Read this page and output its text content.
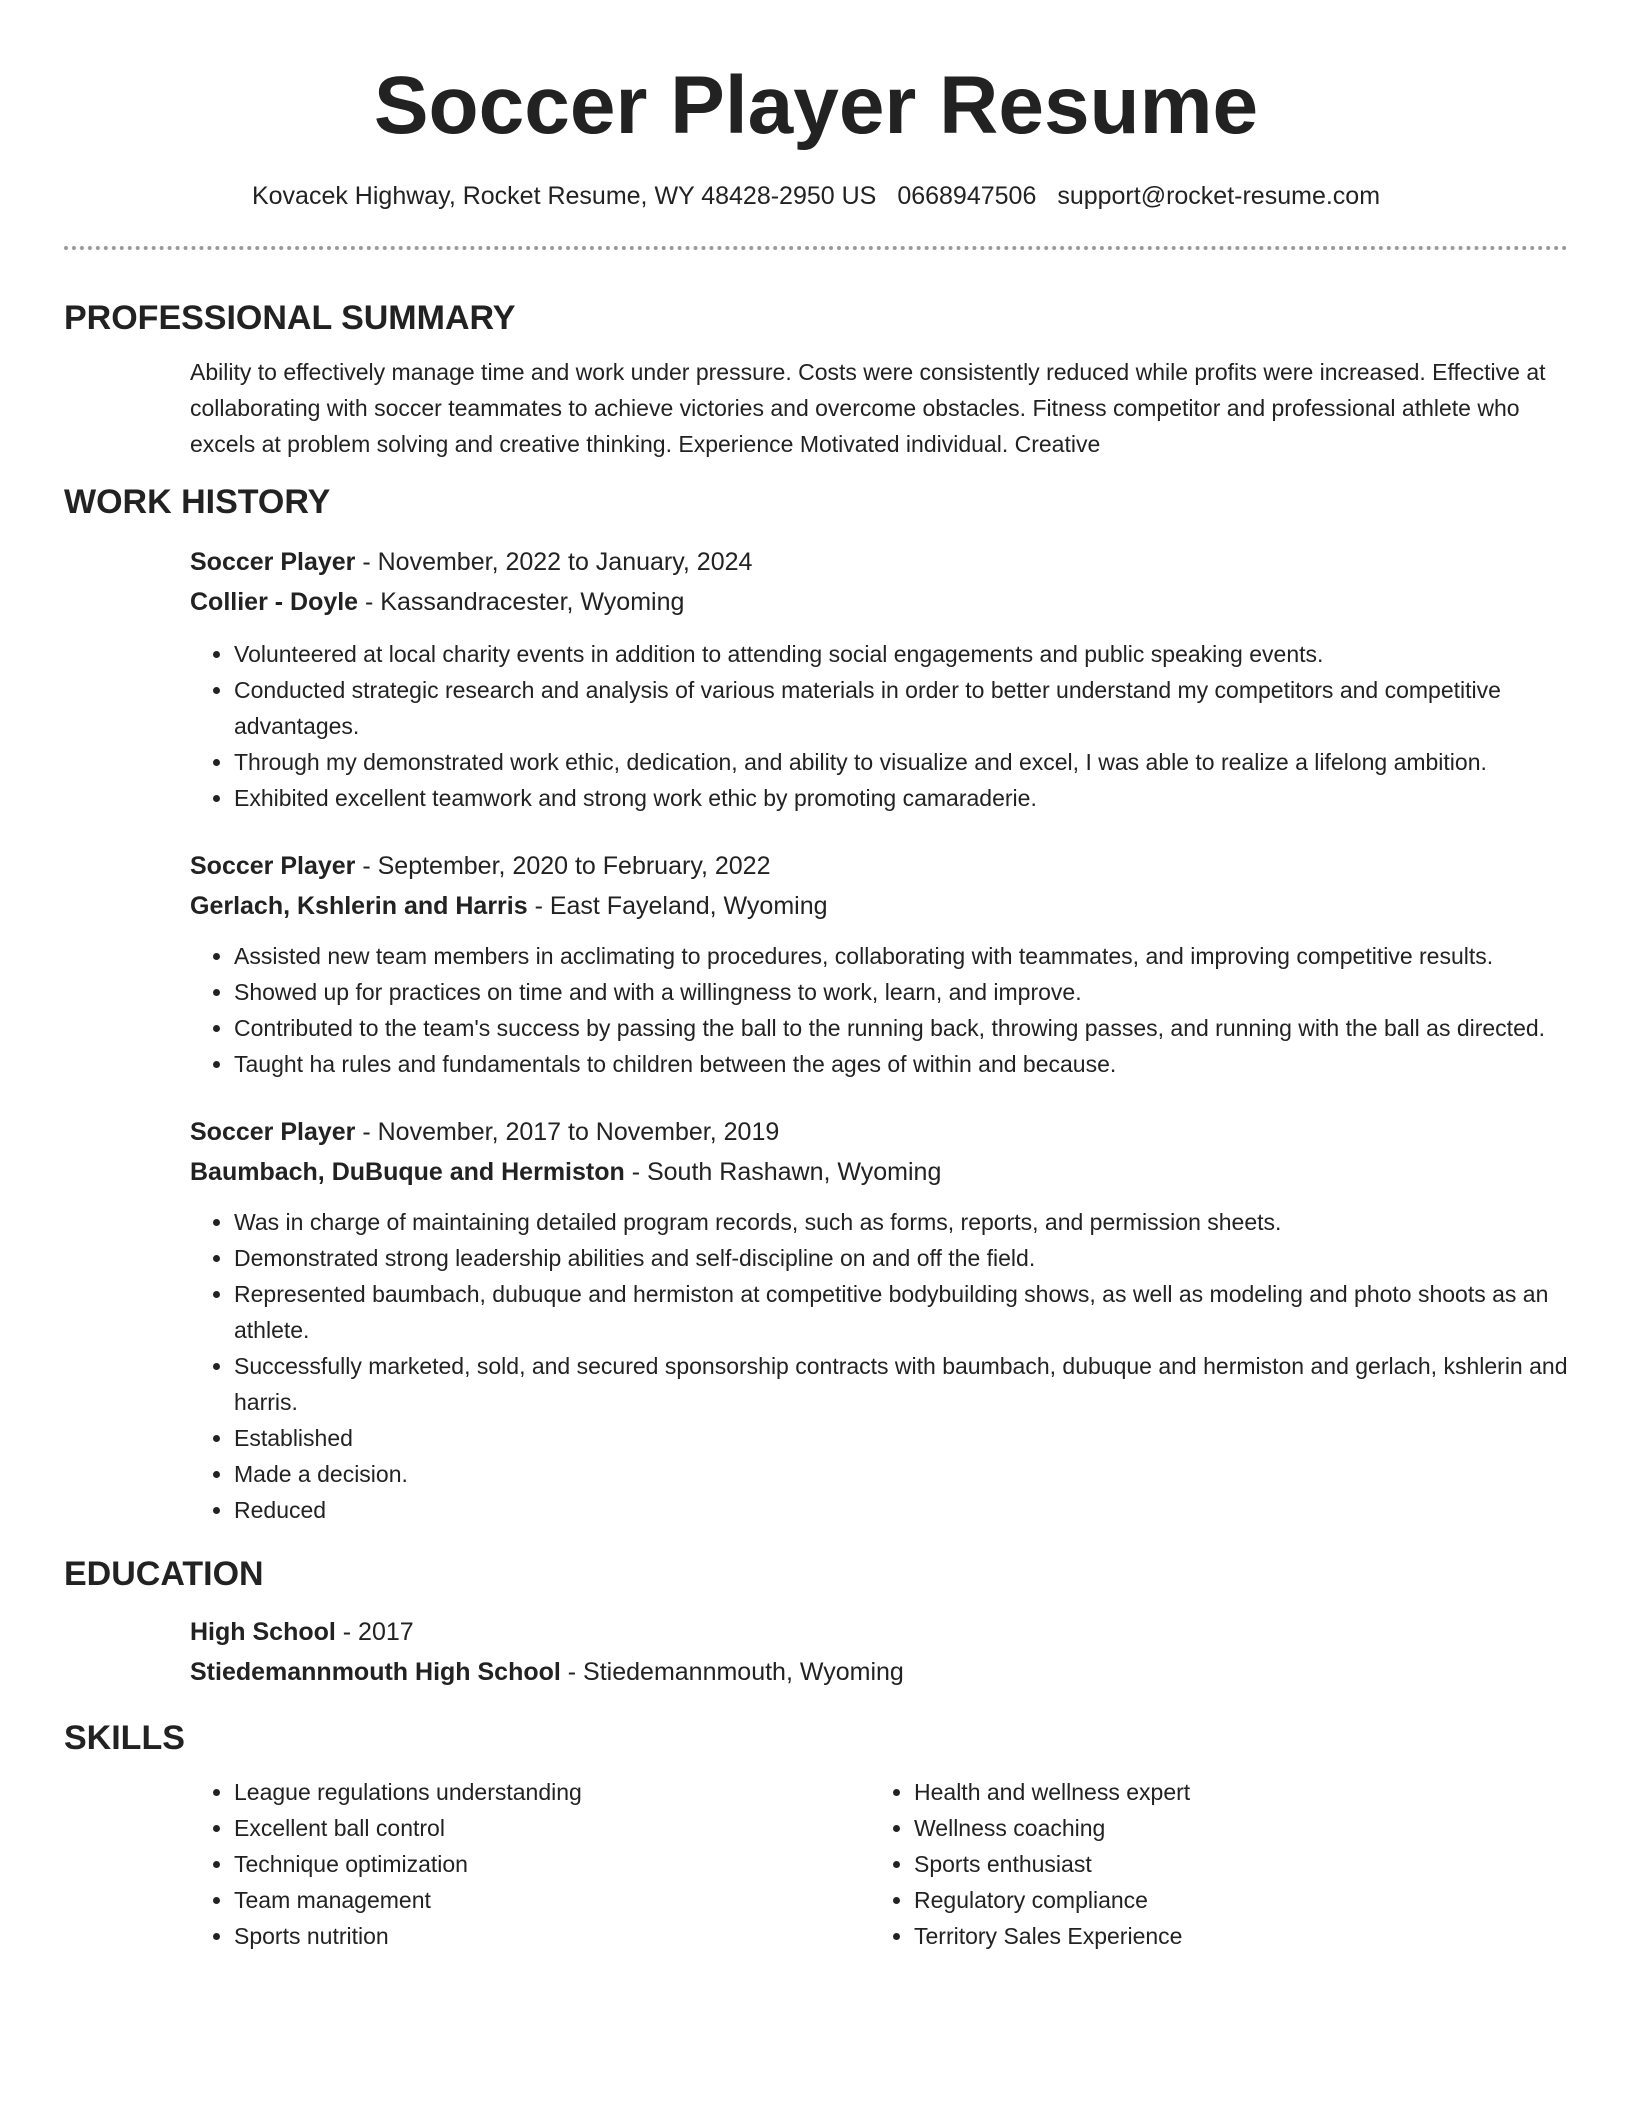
Soccer Player Resume
Kovacek Highway, Rocket Resume, WY 48428-2950 US 0668947506 support@rocket-resume.com
PROFESSIONAL SUMMARY

Ability to effectively manage time and work under pressure. Costs were consistently reduced while profits were increased. Effective at collaborating with soccer teammates to achieve victories and overcome obstacles. Fitness competitor and professional athlete who excels at problem solving and creative thinking. Experience Motivated individual. Creative

WORK HISTORY

Soccer Player - November, 2022 to January, 2024

Collier - Doyle - Kassandracester, Wyoming

• Volunteered at local charity events in addition to attending social engagements and public speaking events.
• Conducted strategic research and analysis of various materials in order to better understand my competitors and competitive advantages.
• Through my demonstrated work ethic, dedication, and ability to visualize and excel, I was able to realize a lifelong ambition.
• Exhibited excellent teamwork and strong work ethic by promoting camaraderie.

Soccer Player - September, 2020 to February, 2022

Gerlach, Kshlerin and Harris - East Fayeland, Wyoming

• Assisted new team members in acclimating to procedures, collaborating with teammates, and improving competitive results.
• Showed up for practices on time and with a willingness to work, learn, and improve.
• Contributed to the team's success by passing the ball to the running back, throwing passes, and running with the ball as directed.
• Taught ha rules and fundamentals to children between the ages of within and because.

Soccer Player - November, 2017 to November, 2019

Baumbach, DuBuque and Hermiston - South Rashawn, Wyoming

• Was in charge of maintaining detailed program records, such as forms, reports, and permission sheets.
• Demonstrated strong leadership abilities and self-discipline on and off the field.
• Represented baumbach, dubuque and hermiston at competitive bodybuilding shows, as well as modeling and photo shoots as an athlete.
• Successfully marketed, sold, and secured sponsorship contracts with baumbach, dubuque and hermiston and gerlach, kshlerin and harris.
• Established
• Made a decision.
• Reduced
EDUCATION

High School - 2017

Stiedemannmouth High School - Stiedemannmouth, Wyoming

SKILLS
• League regulations understanding
• Excellent ball control
• Technique optimization
• Team management
• Sports nutrition
• Health and wellness expert
• Wellness coaching
• Sports enthusiast
• Regulatory compliance
• Territory Sales Experience
